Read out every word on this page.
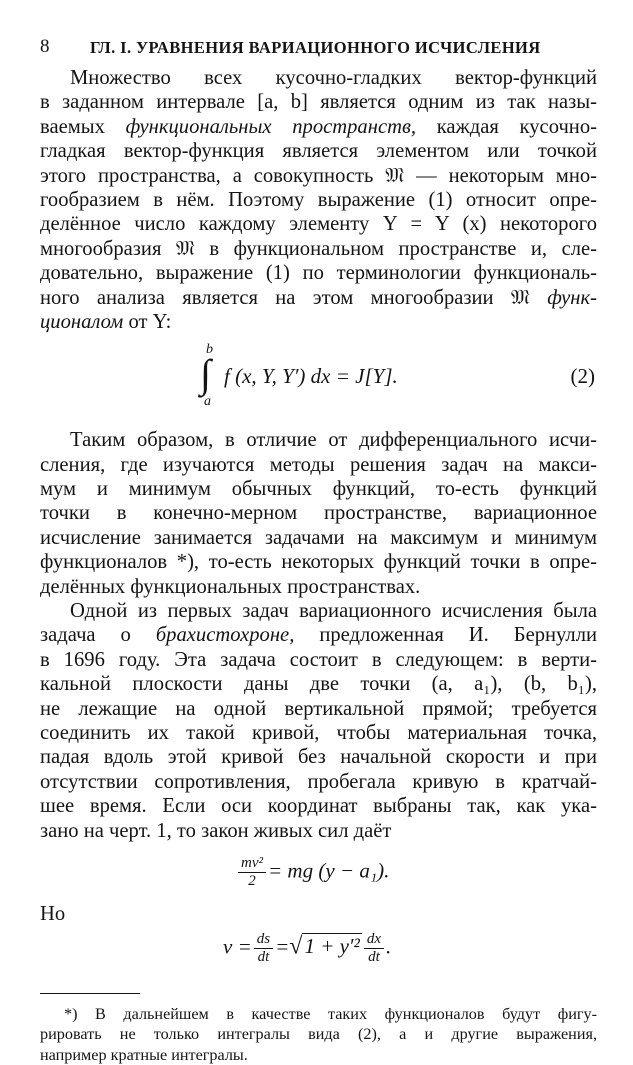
8 ГЛ. I. УРАВНЕНИЯ ВАРИАЦИОННОГО ИСЧИСЛЕНИЯ
Множество всех кусочно-гладких вектор-функций
в заданном интервале [a, b] является одним из так назы-
ваемых функциональных пространств, каждая кусочно-
гладкая вектор-функция является элементом или точкой
этого пространства, а совокупность 𝔐 — некоторым мно-
гообразием в нём. Поэтому выражение (1) относит опре-
делённое число каждому элементу Y = Y (x) некоторого
многообразия 𝔐 в функциональном пространстве и, сле-
довательно, выражение (1) по терминологии функциональ-
ного анализа является на этом многообразии 𝔐 функ-
ционалом от Y:
b
∫
a
f (x, Y, Y′) dx = J[Y].	(2)
Таким образом, в отличие от дифференциального исчи-
сления, где изучаются методы решения задач на макси-
мум и минимум обычных функций, то-есть функций
точки в конечно-мерном пространстве, вариационное
исчисление занимается задачами на максимум и минимум
функционалов *), то-есть некоторых функций точки в опре-
делённых функциональных пространствах.
Одной из первых задач вариационного исчисления была
задача о брахистохроне, предложенная И. Бернулли
в 1696 году. Эта задача состоит в следующем: в верти-
кальной плоскости даны две точки (a, a₁), (b, b₁),
не лежащие на одной вертикальной прямой; требуется
соединить их такой кривой, чтобы материальная точка,
падая вдоль этой кривой без начальной скорости и при
отсутствии сопротивления, пробегала кривую в кратчай-
шее время. Если оси координат выбраны так, как ука-
зано на черт. 1, то закон живых сил даёт
$\frac{\text{mv²}}{2}$ = mg (y − a₁).

Но

$v = \frac{ds}{dt} =√1 + y'^2 \frac{dx}{dt}$ .
*) В дальнейшем в качестве таких функционалов будут фигу-
рировать не только интегралы вида (2), а и другие выражения,
например кратные интегралы.
